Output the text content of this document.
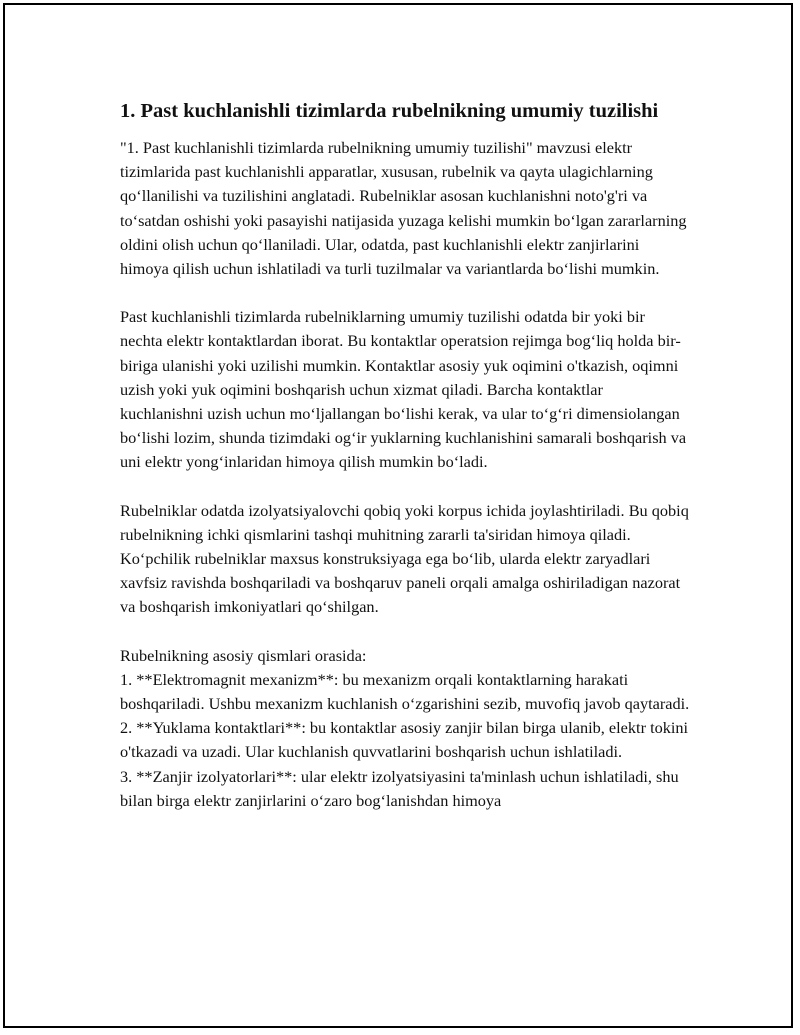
1. Past kuchlanishli tizimlarda rubelnikning umumiy tuzilishi

"1. Past kuchlanishli tizimlarda rubelnikning umumiy tuzilishi" mavzusi elektr tizimlarida past kuchlanishli apparatlar, xususan, rubelnik va qayta ulagichlarning qo‘llanilishi va tuzilishini anglatadi. Rubelniklar asosan kuchlanishni noto'g'ri va to‘satdan oshishi yoki pasayishi natijasida yuzaga kelishi mumkin bo‘lgan zararlarning oldini olish uchun qo‘llaniladi. Ular, odatda, past kuchlanishli elektr zanjirlarini himoya qilish uchun ishlatiladi va turli tuzilmalar va variantlarda bo‘lishi mumkin.

Past kuchlanishli tizimlarda rubelniklarning umumiy tuzilishi odatda bir yoki bir nechta elektr kontaktlardan iborat. Bu kontaktlar operatsion rejimga bog‘liq holda bir-biriga ulanishi yoki uzilishi mumkin. Kontaktlar asosiy yuk oqimini o'tkazish, oqimni uzish yoki yuk oqimini boshqarish uchun xizmat qiladi. Barcha kontaktlar kuchlanishni uzish uchun mo‘ljallangan bo‘lishi kerak, va ular to‘g‘ri dimensiolangan bo‘lishi lozim, shunda tizimdaki og‘ir yuklarning kuchlanishini samarali boshqarish va uni elektr yong‘inlaridan himoya qilish mumkin bo‘ladi.

Rubelniklar odatda izolyatsiyalovchi qobiq yoki korpus ichida joylashtiriladi. Bu qobiq rubelnikning ichki qismlarini tashqi muhitning zararli ta'siridan himoya qiladi. Ko‘pchilik rubelniklar maxsus konstruksiyaga ega bo‘lib, ularda elektr zaryadlari xavfsiz ravishda boshqariladi va boshqaruv paneli orqali amalga oshiriladigan nazorat va boshqarish imkoniyatlari qo‘shilgan.

Rubelnikning asosiy qismlari orasida:

1. **Elektromagnit mexanizm**: bu mexanizm orqali kontaktlarning harakati boshqariladi. Ushbu mexanizm kuchlanish o‘zgarishini sezib, muvofiq javob qaytaradi.

2. **Yuklama kontaktlari**: bu kontaktlar asosiy zanjir bilan birga ulanib, elektr tokini o'tkazadi va uzadi. Ular kuchlanish quvvatlarini boshqarish uchun ishlatiladi.

3. **Zanjir izolyatorlari**: ular elektr izolyatsiyasini ta'minlash uchun ishlatiladi, shu bilan birga elektr zanjirlarini o‘zaro bog‘lanishdan himoya
